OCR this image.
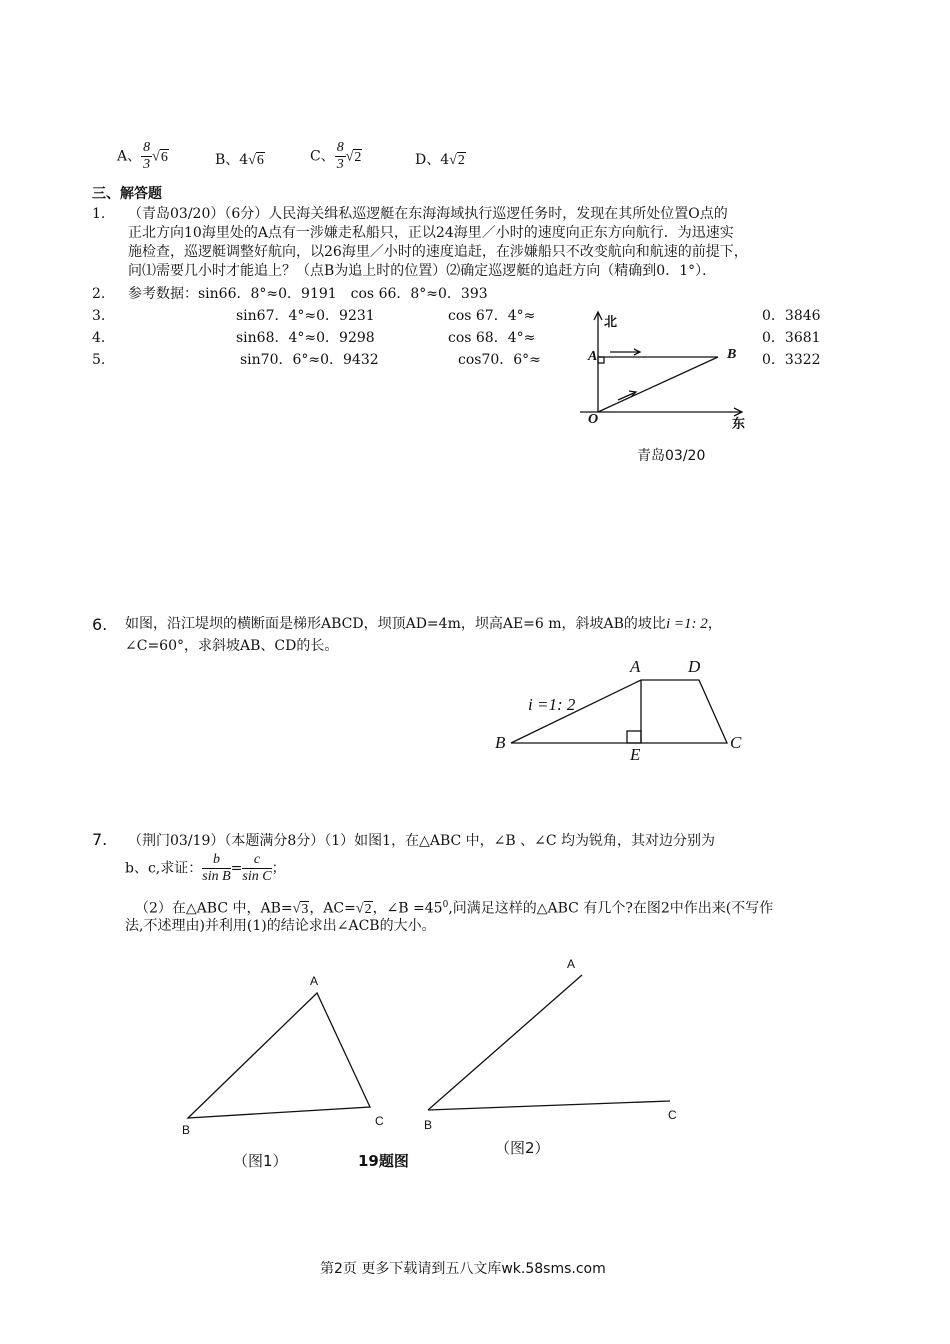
A、 $\frac{8}{3} √6$	B、4√6	C、 $\frac{8}{3} √2$	D、4√2
三、解答题
1. （青岛03/20）（6分）人民海关缉私巡逻艇在东海海域执行巡逻任务时，发现在其所处位置O点的
正北方向10海里处的A点有一涉嫌走私船只，正以24海里／小时的速度向正东方向航行．为迅速实
施检查，巡逻艇调整好航向，以26海里／小时的速度追赶，在涉嫌船只不改变航向和航速的前提下，
问⑴需要几小时才能追上？（点B为追上时的位置）⑵确定巡逻艇的追赶方向（精确到0．1°）．
2. 参考数据：sin66．8°≈0．9191　cos 66．8°≈0．393
3.	sin67．4°≈0．9231	cos 67．4°≈	0．3846
4.	sin68．4°≈0．9298	cos 68．4°≈	0．3681
5.	sin70．6°≈0．9432	cos70．6°≈	0．3322
北
东
A	B
O
青岛03/20
6. 如图，沿江堤坝的横断面是梯形ABCD，坝顶AD=4m，坝高AE=6 m，斜坡AB的坡比i =1: 2，
∠C=60°，求斜坡AB、CD的长。
A	D
B	C
E
i =1: 2
7. （荆门03/19）（本题满分8分）（1）如图1，在△ABC 中，∠B 、∠C 均为锐角，其对边分别为
b、c,求证： $\frac{b}{\text{sin B}} = \frac{c}{\text{sin C}}$ ；
（2）在△ABC 中，AB=√3，AC=√2，∠B $=45^0$,问满足这样的△ABC 有几个?在图2中作出来(不写作
法,不述理由)并利用(1)的结论求出∠ACB的大小。
A
B
C
（图1）	19题图
A
B
C
（图2）
第2页 更多下载请到五八文库wk.58sms.com
